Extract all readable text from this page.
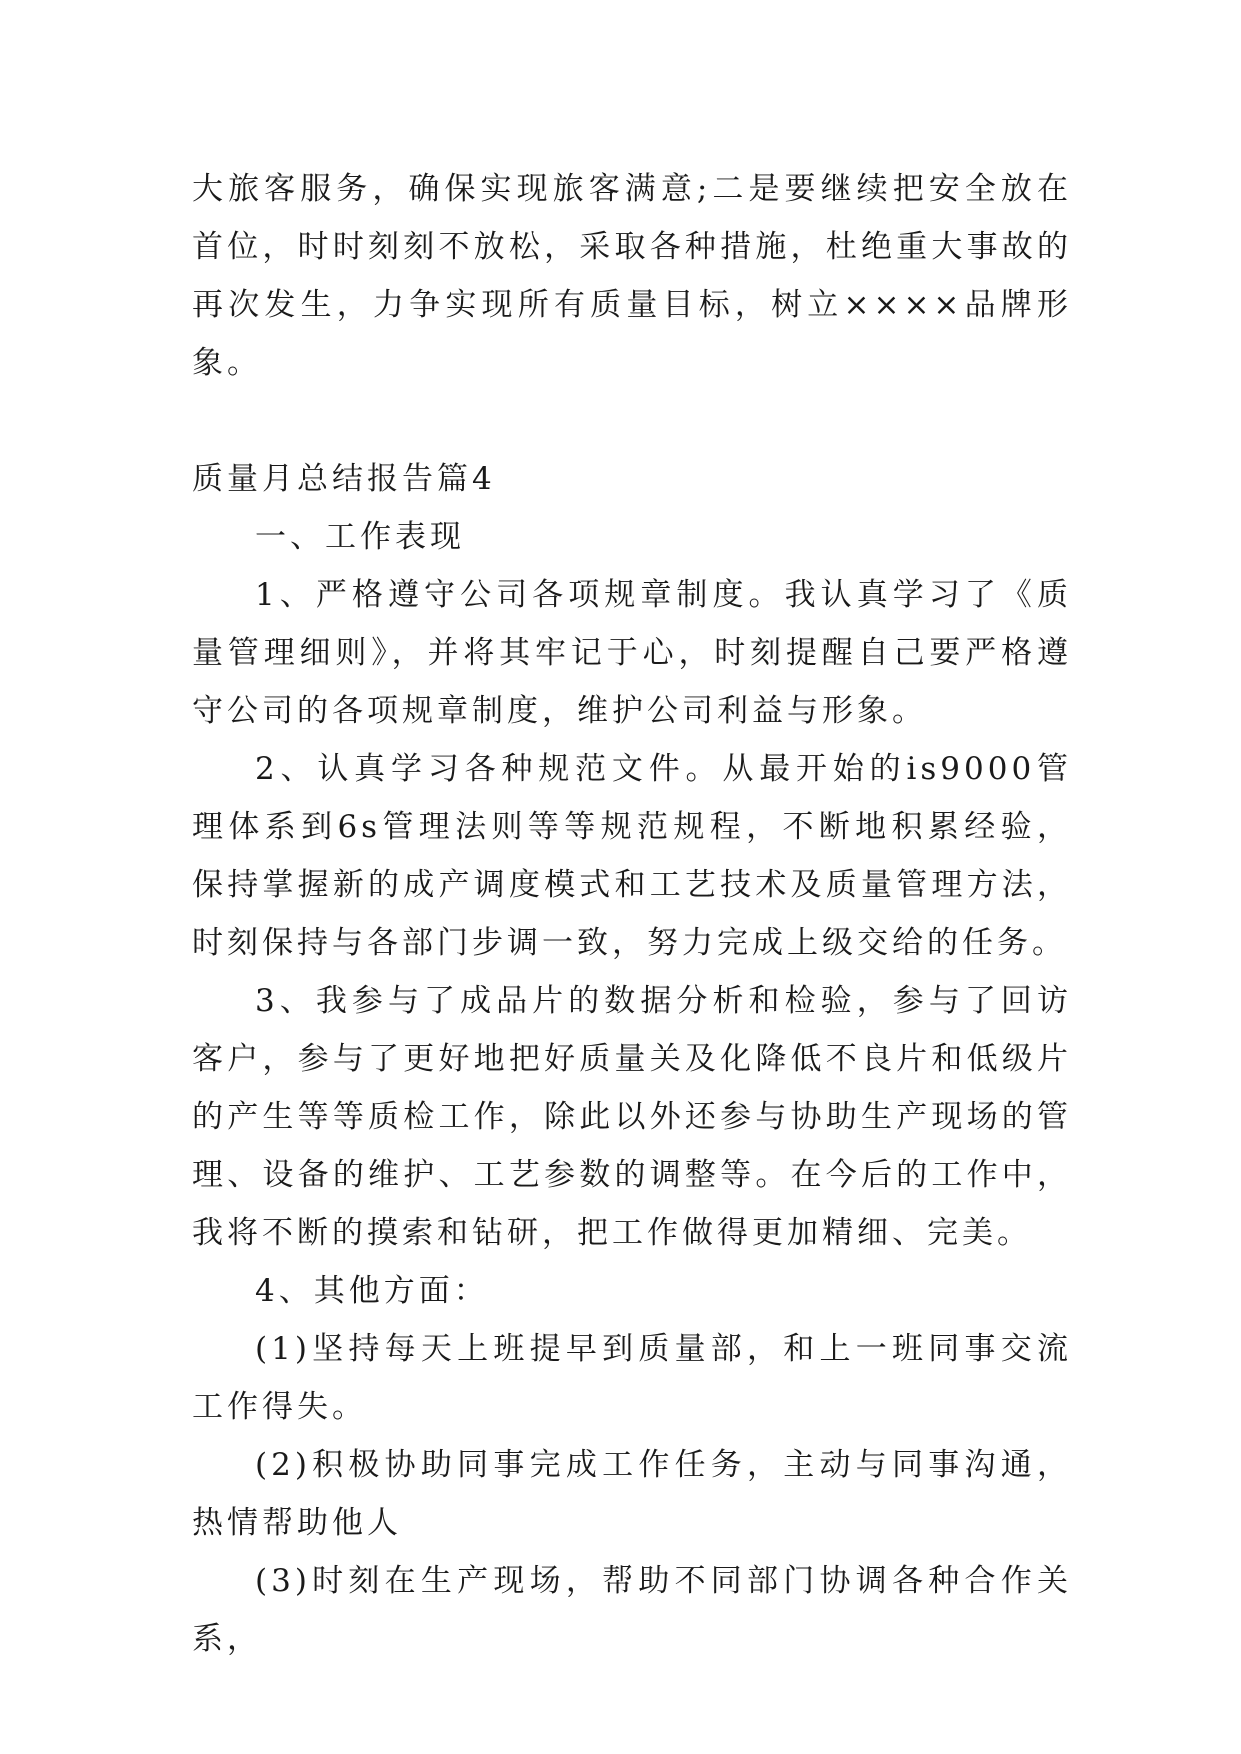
大旅客服务，确保实现旅客满意;二是要继续把安全放在首位，时时刻刻不放松，采取各种措施，杜绝重大事故的再次发生，力争实现所有质量目标，树立××××品牌形象。

质量月总结报告篇4

一、工作表现

1、严格遵守公司各项规章制度。我认真学习了《质量管理细则》，并将其牢记于心，时刻提醒自己要严格遵守公司的各项规章制度，维护公司利益与形象。

2、认真学习各种规范文件。从最开始的is9000管理体系到6s管理法则等等规范规程，不断地积累经验，保持掌握新的成产调度模式和工艺技术及质量管理方法，时刻保持与各部门步调一致，努力完成上级交给的任务。

3、我参与了成品片的数据分析和检验，参与了回访客户，参与了更好地把好质量关及化降低不良片和低级片的产生等等质检工作，除此以外还参与协助生产现场的管理、设备的维护、工艺参数的调整等。在今后的工作中，我将不断的摸索和钻研，把工作做得更加精细、完美。

4、其他方面：

(1)坚持每天上班提早到质量部，和上一班同事交流工作得失。

(2)积极协助同事完成工作任务，主动与同事沟通，热情帮助他人

(3)时刻在生产现场，帮助不同部门协调各种合作关系，
